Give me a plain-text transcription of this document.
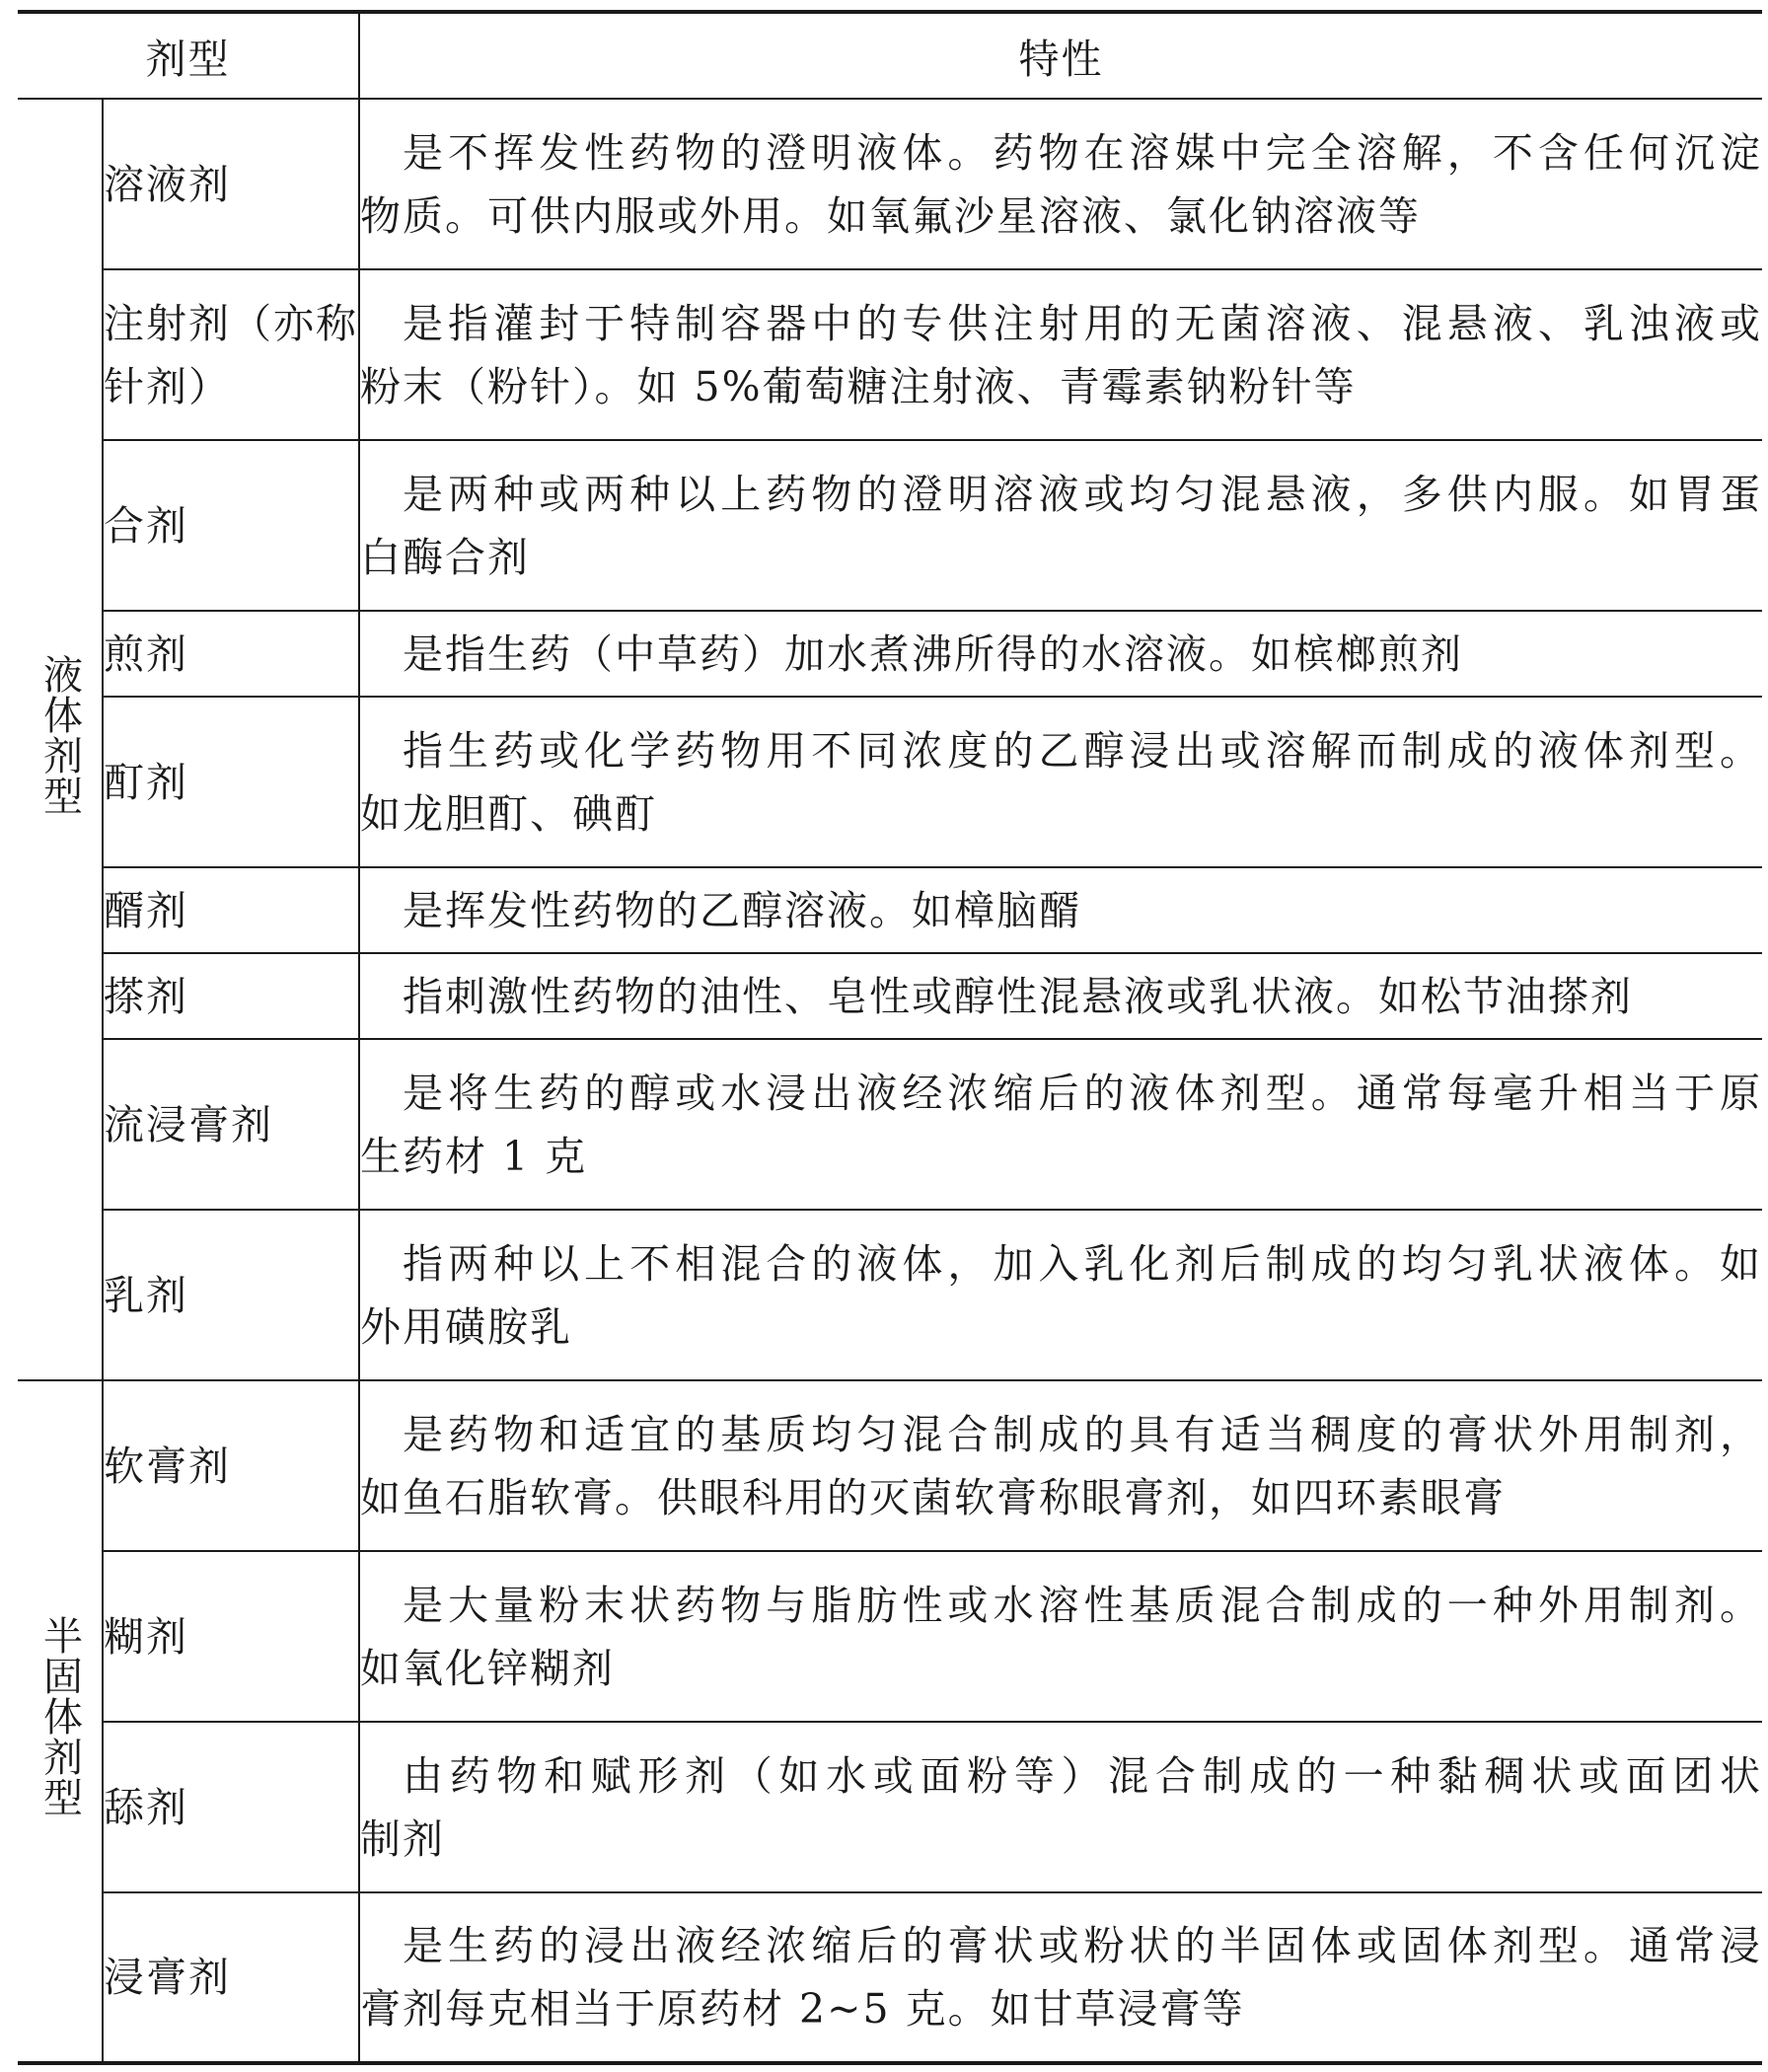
剂型		特性
液体剂型	溶液剂	是不挥发性药物的澄明液体。药物在溶媒中完全溶解，不含任何沉淀
物质。可供内服或外用。如氧氟沙星溶液、氯化钠溶液等

	注射剂（亦称针剂）	是指灌封于特制容器中的专供注射用的无菌溶液、混悬液、乳浊液或
粉末（粉针）。如 5%葡萄糖注射液、青霉素钠粉针等

	合剂	是两种或两种以上药物的澄明溶液或均匀混悬液，多供内服。如胃蛋
白酶合剂

	煎剂	是指生药（中草药）加水煮沸所得的水溶液。如槟榔煎剂

	酊剂	指生药或化学药物用不同浓度的乙醇浸出或溶解而制成的液体剂型。
如龙胆酊、碘酊

	醑剂	是挥发性药物的乙醇溶液。如樟脑醑

	搽剂	指刺激性药物的油性、皂性或醇性混悬液或乳状液。如松节油搽剂

	流浸膏剂	是将生药的醇或水浸出液经浓缩后的液体剂型。通常每毫升相当于原
生药材 1 克

	乳剂	指两种以上不相混合的液体，加入乳化剂后制成的均匀乳状液体。如
外用磺胺乳

半固体剂型	软膏剂	是药物和适宜的基质均匀混合制成的具有适当稠度的膏状外用制剂，
如鱼石脂软膏。供眼科用的灭菌软膏称眼膏剂，如四环素眼膏

	糊剂	是大量粉末状药物与脂肪性或水溶性基质混合制成的一种外用制剂。
如氧化锌糊剂

	舔剂	由药物和赋形剂（如水或面粉等）混合制成的一种黏稠状或面团状
制剂

	浸膏剂	是生药的浸出液经浓缩后的膏状或粉状的半固体或固体剂型。通常浸
膏剂每克相当于原药材 2~5 克。如甘草浸膏等
